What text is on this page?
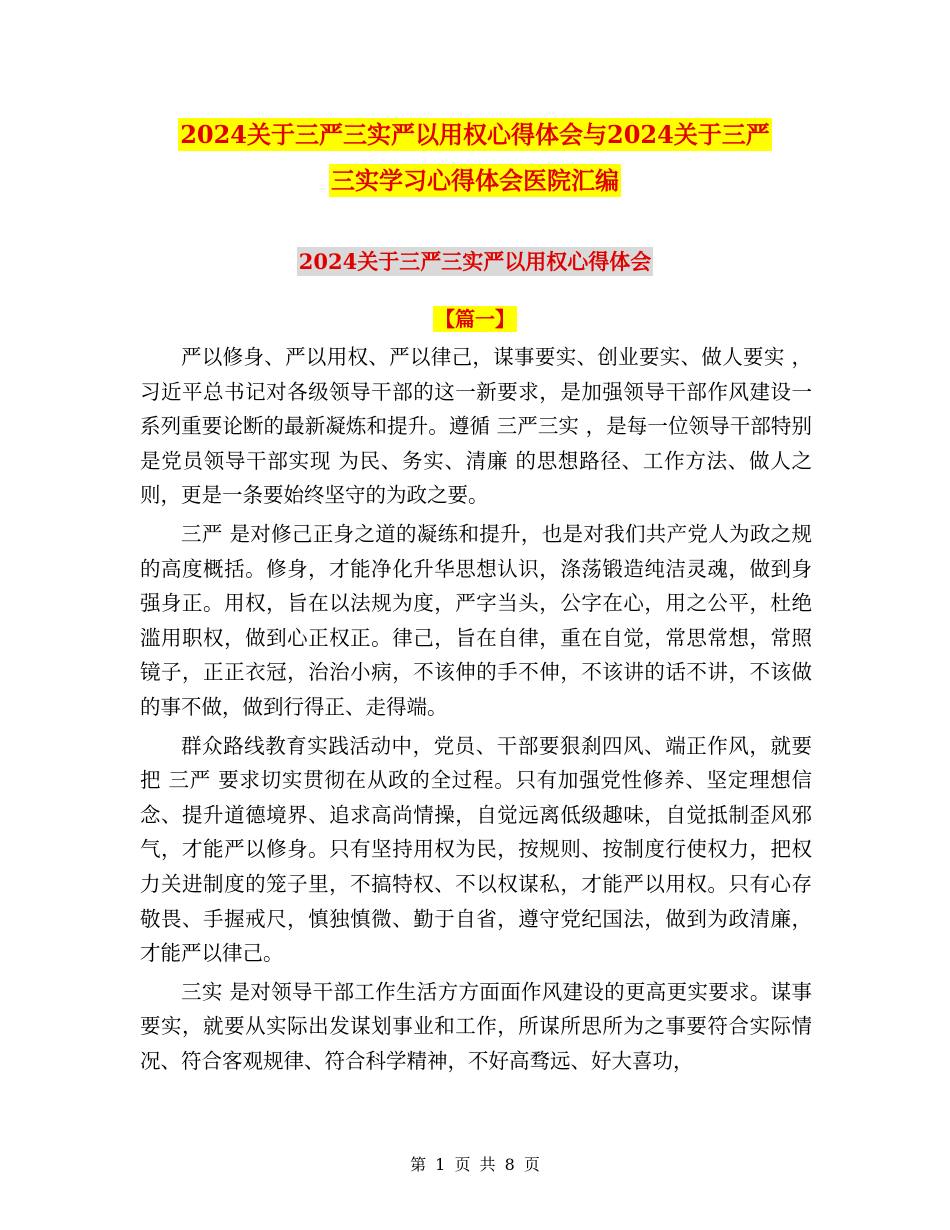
2024关于三严三实严以用权心得体会与2024关于三严
三实学习心得体会医院汇编
2024关于三严三实严以用权心得体会
【篇一】

严以修身、严以用权、严以律己，谋事要实、创业要实、做人要实 ，习近平总书记对各级领导干部的这一新要求，是加强领导干部作风建设一系列重要论断的最新凝炼和提升。遵循 三严三实 ，是每一位领导干部特别是党员领导干部实现 为民、务实、清廉 的思想路径、工作方法、做人之则，更是一条要始终坚守的为政之要。

三严 是对修己正身之道的凝练和提升，也是对我们共产党人为政之规的高度概括。修身，才能净化升华思想认识，涤荡锻造纯洁灵魂，做到身强身正。用权，旨在以法规为度，严字当头，公字在心，用之公平，杜绝滥用职权，做到心正权正。律己，旨在自律，重在自觉，常思常想，常照镜子，正正衣冠，治治小病，不该伸的手不伸，不该讲的话不讲，不该做的事不做，做到行得正、走得端。

群众路线教育实践活动中，党员、干部要狠刹四风、端正作风，就要把 三严 要求切实贯彻在从政的全过程。只有加强党性修养、坚定理想信念、提升道德境界、追求高尚情操，自觉远离低级趣味，自觉抵制歪风邪气，才能严以修身。只有坚持用权为民，按规则、按制度行使权力，把权力关进制度的笼子里，不搞特权、不以权谋私，才能严以用权。只有心存敬畏、手握戒尺，慎独慎微、勤于自省，遵守党纪国法，做到为政清廉，才能严以律己。

三实 是对领导干部工作生活方方面面作风建设的更高更实要求。谋事要实，就要从实际出发谋划事业和工作，所谋所思所为之事要符合实际情况、符合客观规律、符合科学精神，不好高骛远、好大喜功，

第 1 页 共 8 页
